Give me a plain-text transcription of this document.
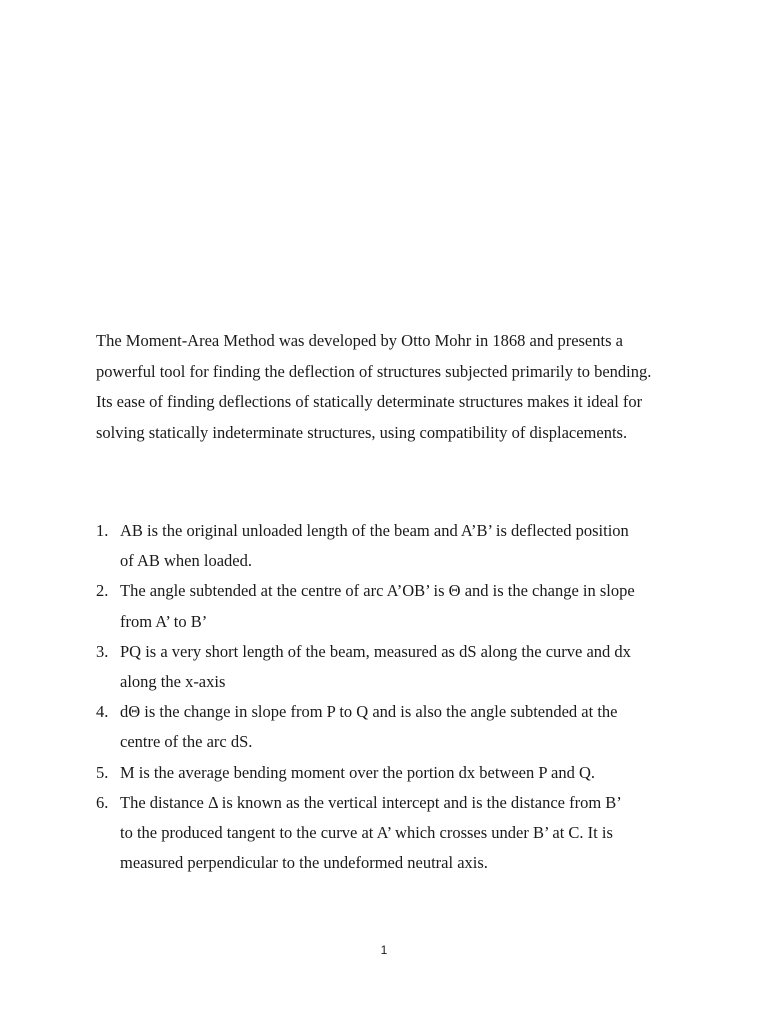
The Moment-Area Method was developed by Otto Mohr in 1868 and presents a
powerful tool for finding the deflection of structures subjected primarily to bending.
Its ease of finding deflections of statically determinate structures makes it ideal for
solving statically indeterminate structures, using compatibility of displacements.

1. AB is the original unloaded length of the beam and A’B’ is deflected position
of AB when loaded.
2. The angle subtended at the centre of arc A’OB’ is Θ and is the change in slope
from A’ to B’
3. PQ is a very short length of the beam, measured as dS along the curve and dx
along the x-axis
4. dΘ is the change in slope from P to Q and is also the angle subtended at the
centre of the arc dS.
5. M is the average bending moment over the portion dx between P and Q.
6. The distance Δ is known as the vertical intercept and is the distance from B’
to the produced tangent to the curve at A’ which crosses under B’ at C. It is
measured perpendicular to the undeformed neutral axis.
1
